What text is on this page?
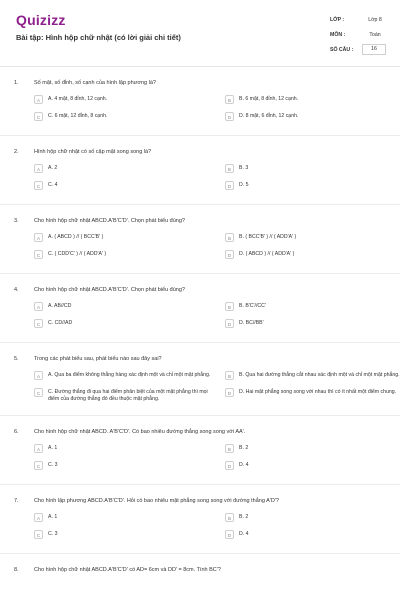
Quizizz
Bài tập: Hình hộp chữ nhật (có lời giải chi tiết)
LỚP :	Lớp 8
MÔN :	Toán
SỐ CÂU :	16
1.	Số mặt, số đỉnh, số cạnh của hình lập phương là?
A	A. 4 mặt, 8 đỉnh, 12 cạnh.	B	B. 6 mặt, 8 đỉnh, 12 cạnh.
C	C. 6 mặt, 12 đỉnh, 8 cạnh.	D	D. 8 mặt, 6 đỉnh, 12 cạnh.
2.	Hình hộp chữ nhật có số cặp mặt song song là?
A	A. 2	B	B. 3
C	C. 4	D	D. 5
3.	Cho hình hộp chữ nhật ABCD.A'B'C'D'. Chọn phát biểu đúng?
A	A. ( ABCD ) // ( BCC'B' )	B	B. ( BCC'B' ) // ( ADD'A' )
C	C. ( CDD'C' ) // ( ADD'A' )	D	D. ( ABCD ) // ( ADD'A' )
4.	Cho hình hộp chữ nhật ABCD.A'B'C'D'. Chọn phát biểu đúng?
A	A. AB//CD	B	B. B'C'//CC'
C	C. CD//AD	D	D. BC//BB'
5.	Trong các phát biểu sau, phát biểu nào sau đây sai?
A	A. Qua ba điểm không thẳng hàng xác định một và chỉ một mặt phẳng.	B	B. Qua hai đường thẳng cắt nhau xác định một và chỉ một mặt phẳng.
C	C. Đường thẳng đi qua hai điểm phân biệt của một mặt phẳng thì mọi điểm của đường thẳng đó đều thuộc mặt phẳng.
D	D. Hai mặt phẳng song song với nhau thì có ít nhất một điểm chung.
6.	Cho hình hộp chữ nhật ABCD. A'B'C'D'. Có bao nhiêu đường thẳng song song với AA'.
A	A. 1	B	B. 2
C	C. 3	D	D. 4
7.	Cho hình lập phương ABCD.A'B'C'D'. Hỏi có bao nhiêu mặt phẳng song song với đường thẳng A'D'?
A	A. 1	B	B. 2
C	C. 3	D	D. 4
8.	Cho hình hộp chữ nhật ABCD.A'B'C'D' có AD= 6cm và DD' = 8cm. Tính BC'?
